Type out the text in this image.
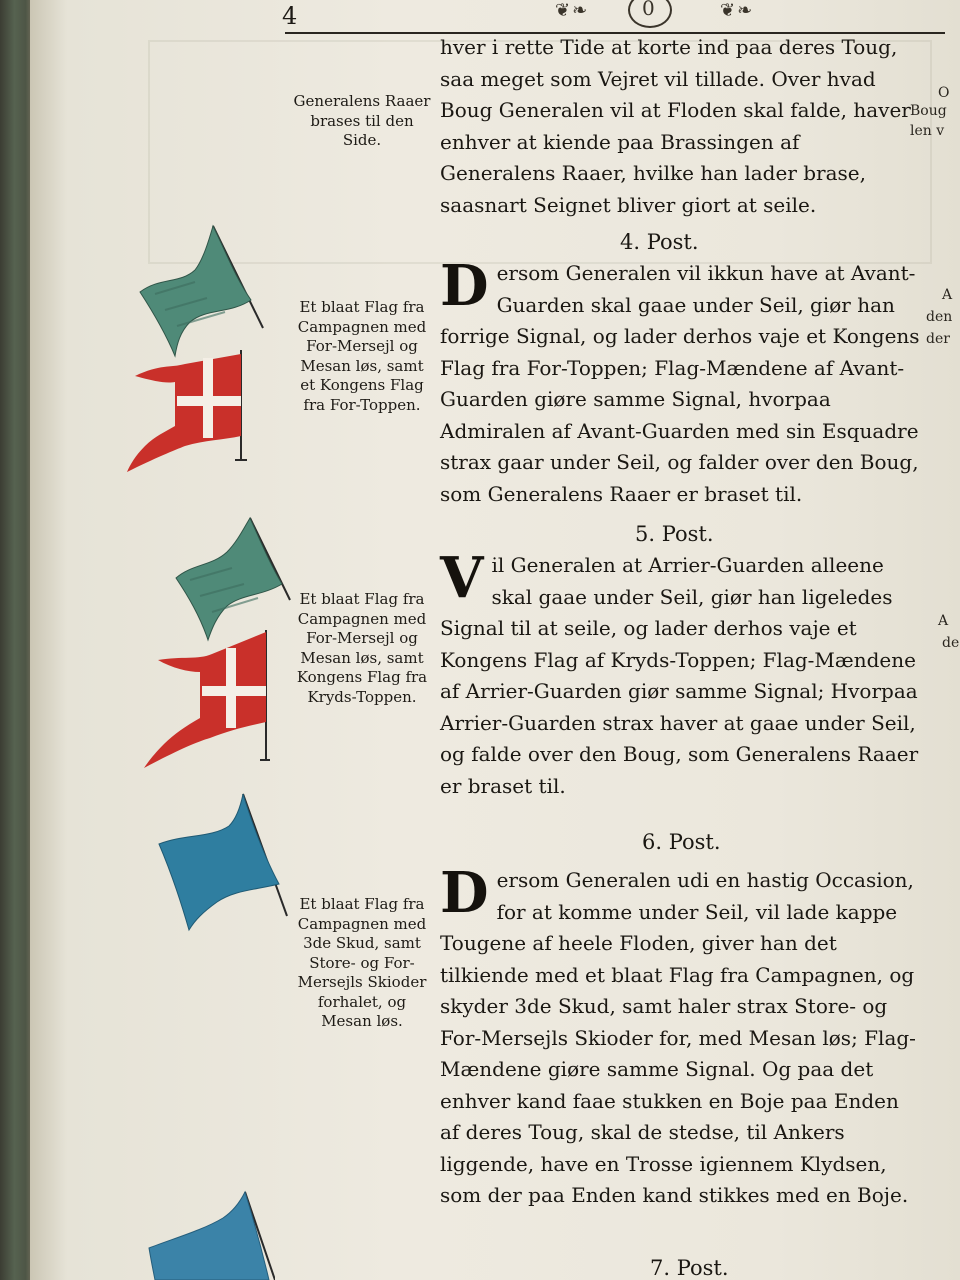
4	❦❧	0	❦❧

hver i rette Tide at korte ind paa deres Toug, saa meget som Vejret vil tillade. Over hvad Boug Generalen vil at Floden skal falde, haver enhver at kiende paa Brassingen af Generalens Raaer, hvilke han lader brase, saasnart Seignet bliver giort at seile.

Generalens Raaer brases til den Side.
4. Post.
D ersom Generalen vil ikkun have at Avant-Guarden skal gaae under Seil, giør han forrige Signal, og lader derhos vaje et Kongens Flag fra For-Toppen; Flag-Mændene af Avant-Guarden giøre samme Signal, hvorpaa Admiralen af Avant-Guarden med sin Esquadre strax gaar under Seil, og falder over den Boug, som Generalens Raaer er braset til.

Et blaat Flag fra Campagnen med For-Mersejl og Mesan løs, samt et Kongens Flag fra For-Toppen.
5. Post.
V il Generalen at Arrier-Guarden alleene skal gaae under Seil, giør han ligeledes Signal til at seile, og lader derhos vaje et Kongens Flag af Kryds-Toppen; Flag-Mændene af Arrier-Guarden giør samme Signal; Hvorpaa Arrier-Guarden strax haver at gaae under Seil, og falde over den Boug, som Generalens Raaer er braset til.

Et blaat Flag fra Campagnen med For-Mersejl og Mesan løs, samt Kongens Flag fra Kryds-Toppen.
6. Post.
D ersom Generalen udi en hastig Occasion, for at komme under Seil, vil lade kappe Tougene af heele Floden, giver han det tilkiende med et blaat Flag fra Campagnen, og skyder 3de Skud, samt haler strax Store- og For-Mersejls Skioder for, med Mesan løs; Flag-Mændene giøre samme Signal. Og paa det enhver kand faae stukken en Boje paa Enden af deres Toug, skal de stedse, til Ankers liggende, have en Trosse igiennem Klydsen, som der paa Enden kand stikkes med en Boje.

Et blaat Flag fra Campagnen med 3de Skud, samt Store- og For-Mersejls Skioder forhalet, og Mesan løs.
7. Post.
O
Boug
len v
A
den
der
A
de
